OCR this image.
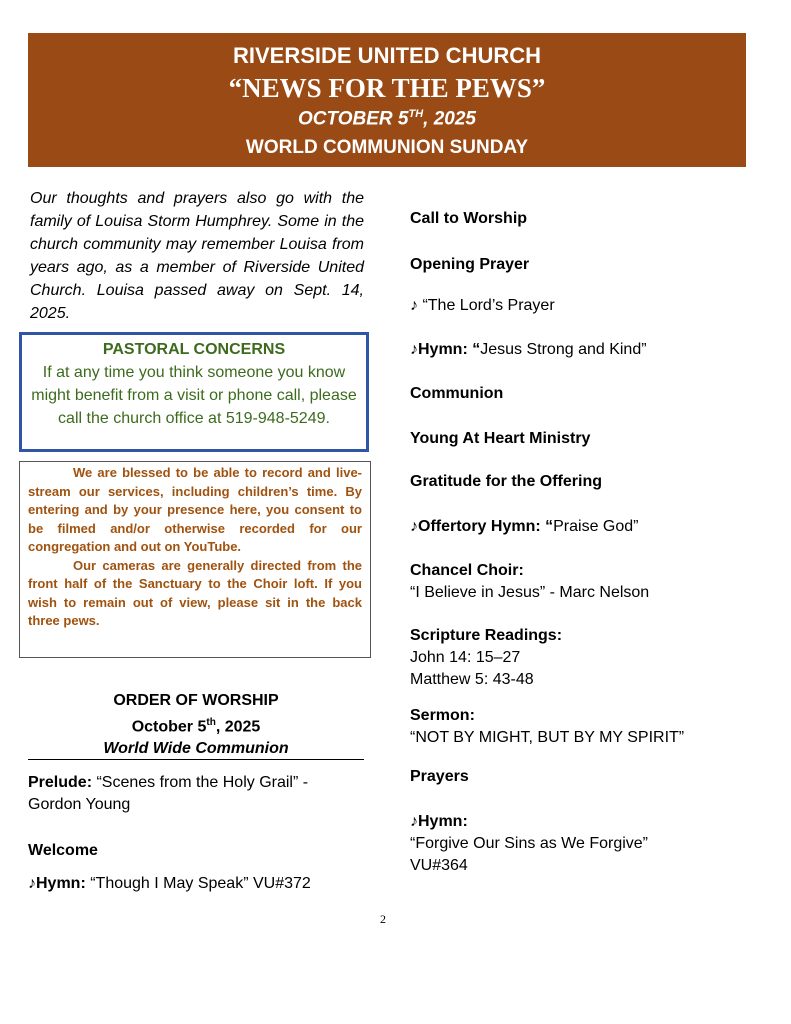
RIVERSIDE UNITED CHURCH
“NEWS FOR THE PEWS”
OCTOBER 5TH, 2025
WORLD COMMUNION SUNDAY
Our thoughts and prayers also go with the family of Louisa Storm Humphrey. Some in the church community may remember Louisa from years ago, as a member of Riverside United Church. Louisa passed away on Sept. 14, 2025.
PASTORAL CONCERNS
If at any time you think someone you know might benefit from a visit or phone call, please call the church office at 519-948-5249.

We are blessed to be able to record and live-stream our services, including children’s time. By entering and by your presence here, you consent to be filmed and/or otherwise recorded for our congregation and out on YouTube.

Our cameras are generally directed from the front half of the Sanctuary to the Choir loft. If you wish to remain out of view, please sit in the back three pews.

ORDER OF WORSHIP
October 5th, 2025
World Wide Communion
Prelude: “Scenes from the Holy Grail” - Gordon Young
Welcome
♪Hymn: “Though I May Speak” VU#372
Call to Worship
Opening Prayer
♪ “The Lord’s Prayer
♪Hymn: “Jesus Strong and Kind”
Communion
Young At Heart Ministry
Gratitude for the Offering
♪Offertory Hymn: “Praise God”
Chancel Choir:
“I Believe in Jesus” - Marc Nelson
Scripture Readings:
John 14: 15–27
Matthew 5: 43-48
Sermon:
“NOT BY MIGHT, BUT BY MY SPIRIT”
Prayers
♪Hymn:
“Forgive Our Sins as We Forgive”
VU#364
2
